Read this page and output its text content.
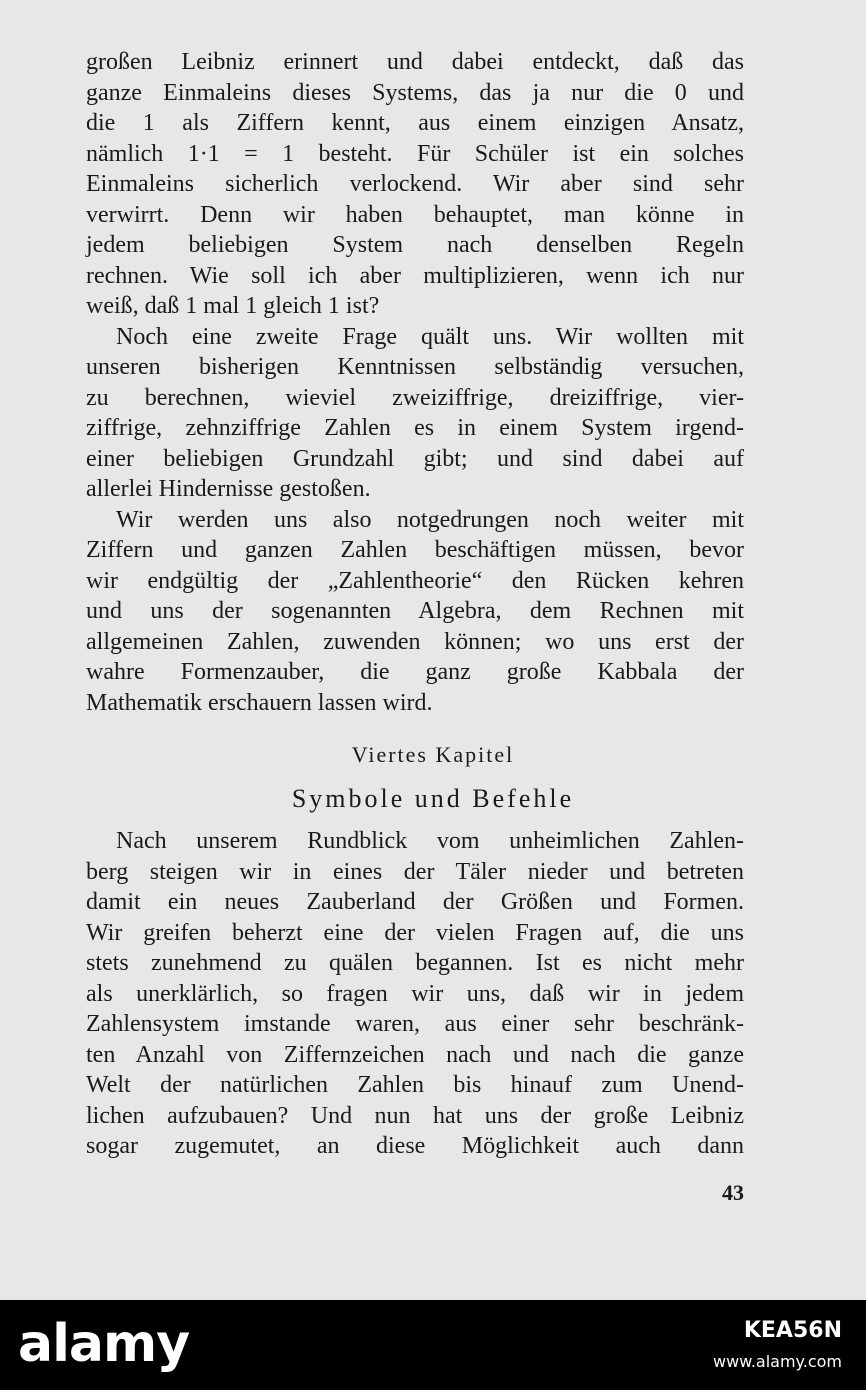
großen Leibniz erinnert und dabei entdeckt, daß das
ganze Einmaleins dieses Systems, das ja nur die 0 und
die 1 als Ziffern kennt, aus einem einzigen Ansatz,
nämlich 1·1 = 1 besteht. Für Schüler ist ein solches
Einmaleins sicherlich verlockend. Wir aber sind sehr
verwirrt. Denn wir haben behauptet, man könne in
jedem beliebigen System nach denselben Regeln
rechnen. Wie soll ich aber multiplizieren, wenn ich nur
weiß, daß 1 mal 1 gleich 1 ist?
Noch eine zweite Frage quält uns. Wir wollten mit
unseren bisherigen Kenntnissen selbständig versuchen,
zu berechnen, wieviel zweiziffrige, dreiziffrige, vier-
ziffrige, zehnziffrige Zahlen es in einem System irgend-
einer beliebigen Grundzahl gibt; und sind dabei auf
allerlei Hindernisse gestoßen.
Wir werden uns also notgedrungen noch weiter mit
Ziffern und ganzen Zahlen beschäftigen müssen, bevor
wir endgültig der „Zahlentheorie“ den Rücken kehren
und uns der sogenannten Algebra, dem Rechnen mit
allgemeinen Zahlen, zuwenden können; wo uns erst der
wahre Formenzauber, die ganz große Kabbala der
Mathematik erschauern lassen wird.
Viertes Kapitel
Symbole und Befehle
Nach unserem Rundblick vom unheimlichen Zahlen-
berg steigen wir in eines der Täler nieder und betreten
damit ein neues Zauberland der Größen und Formen.
Wir greifen beherzt eine der vielen Fragen auf, die uns
stets zunehmend zu quälen begannen. Ist es nicht mehr
als unerklärlich, so fragen wir uns, daß wir in jedem
Zahlensystem imstande waren, aus einer sehr beschränk-
ten Anzahl von Ziffernzeichen nach und nach die ganze
Welt der natürlichen Zahlen bis hinauf zum Unend-
lichen aufzubauen? Und nun hat uns der große Leibniz
sogar zugemutet, an diese Möglichkeit auch dann
43
alamy	KEA56N
www.alamy.com
